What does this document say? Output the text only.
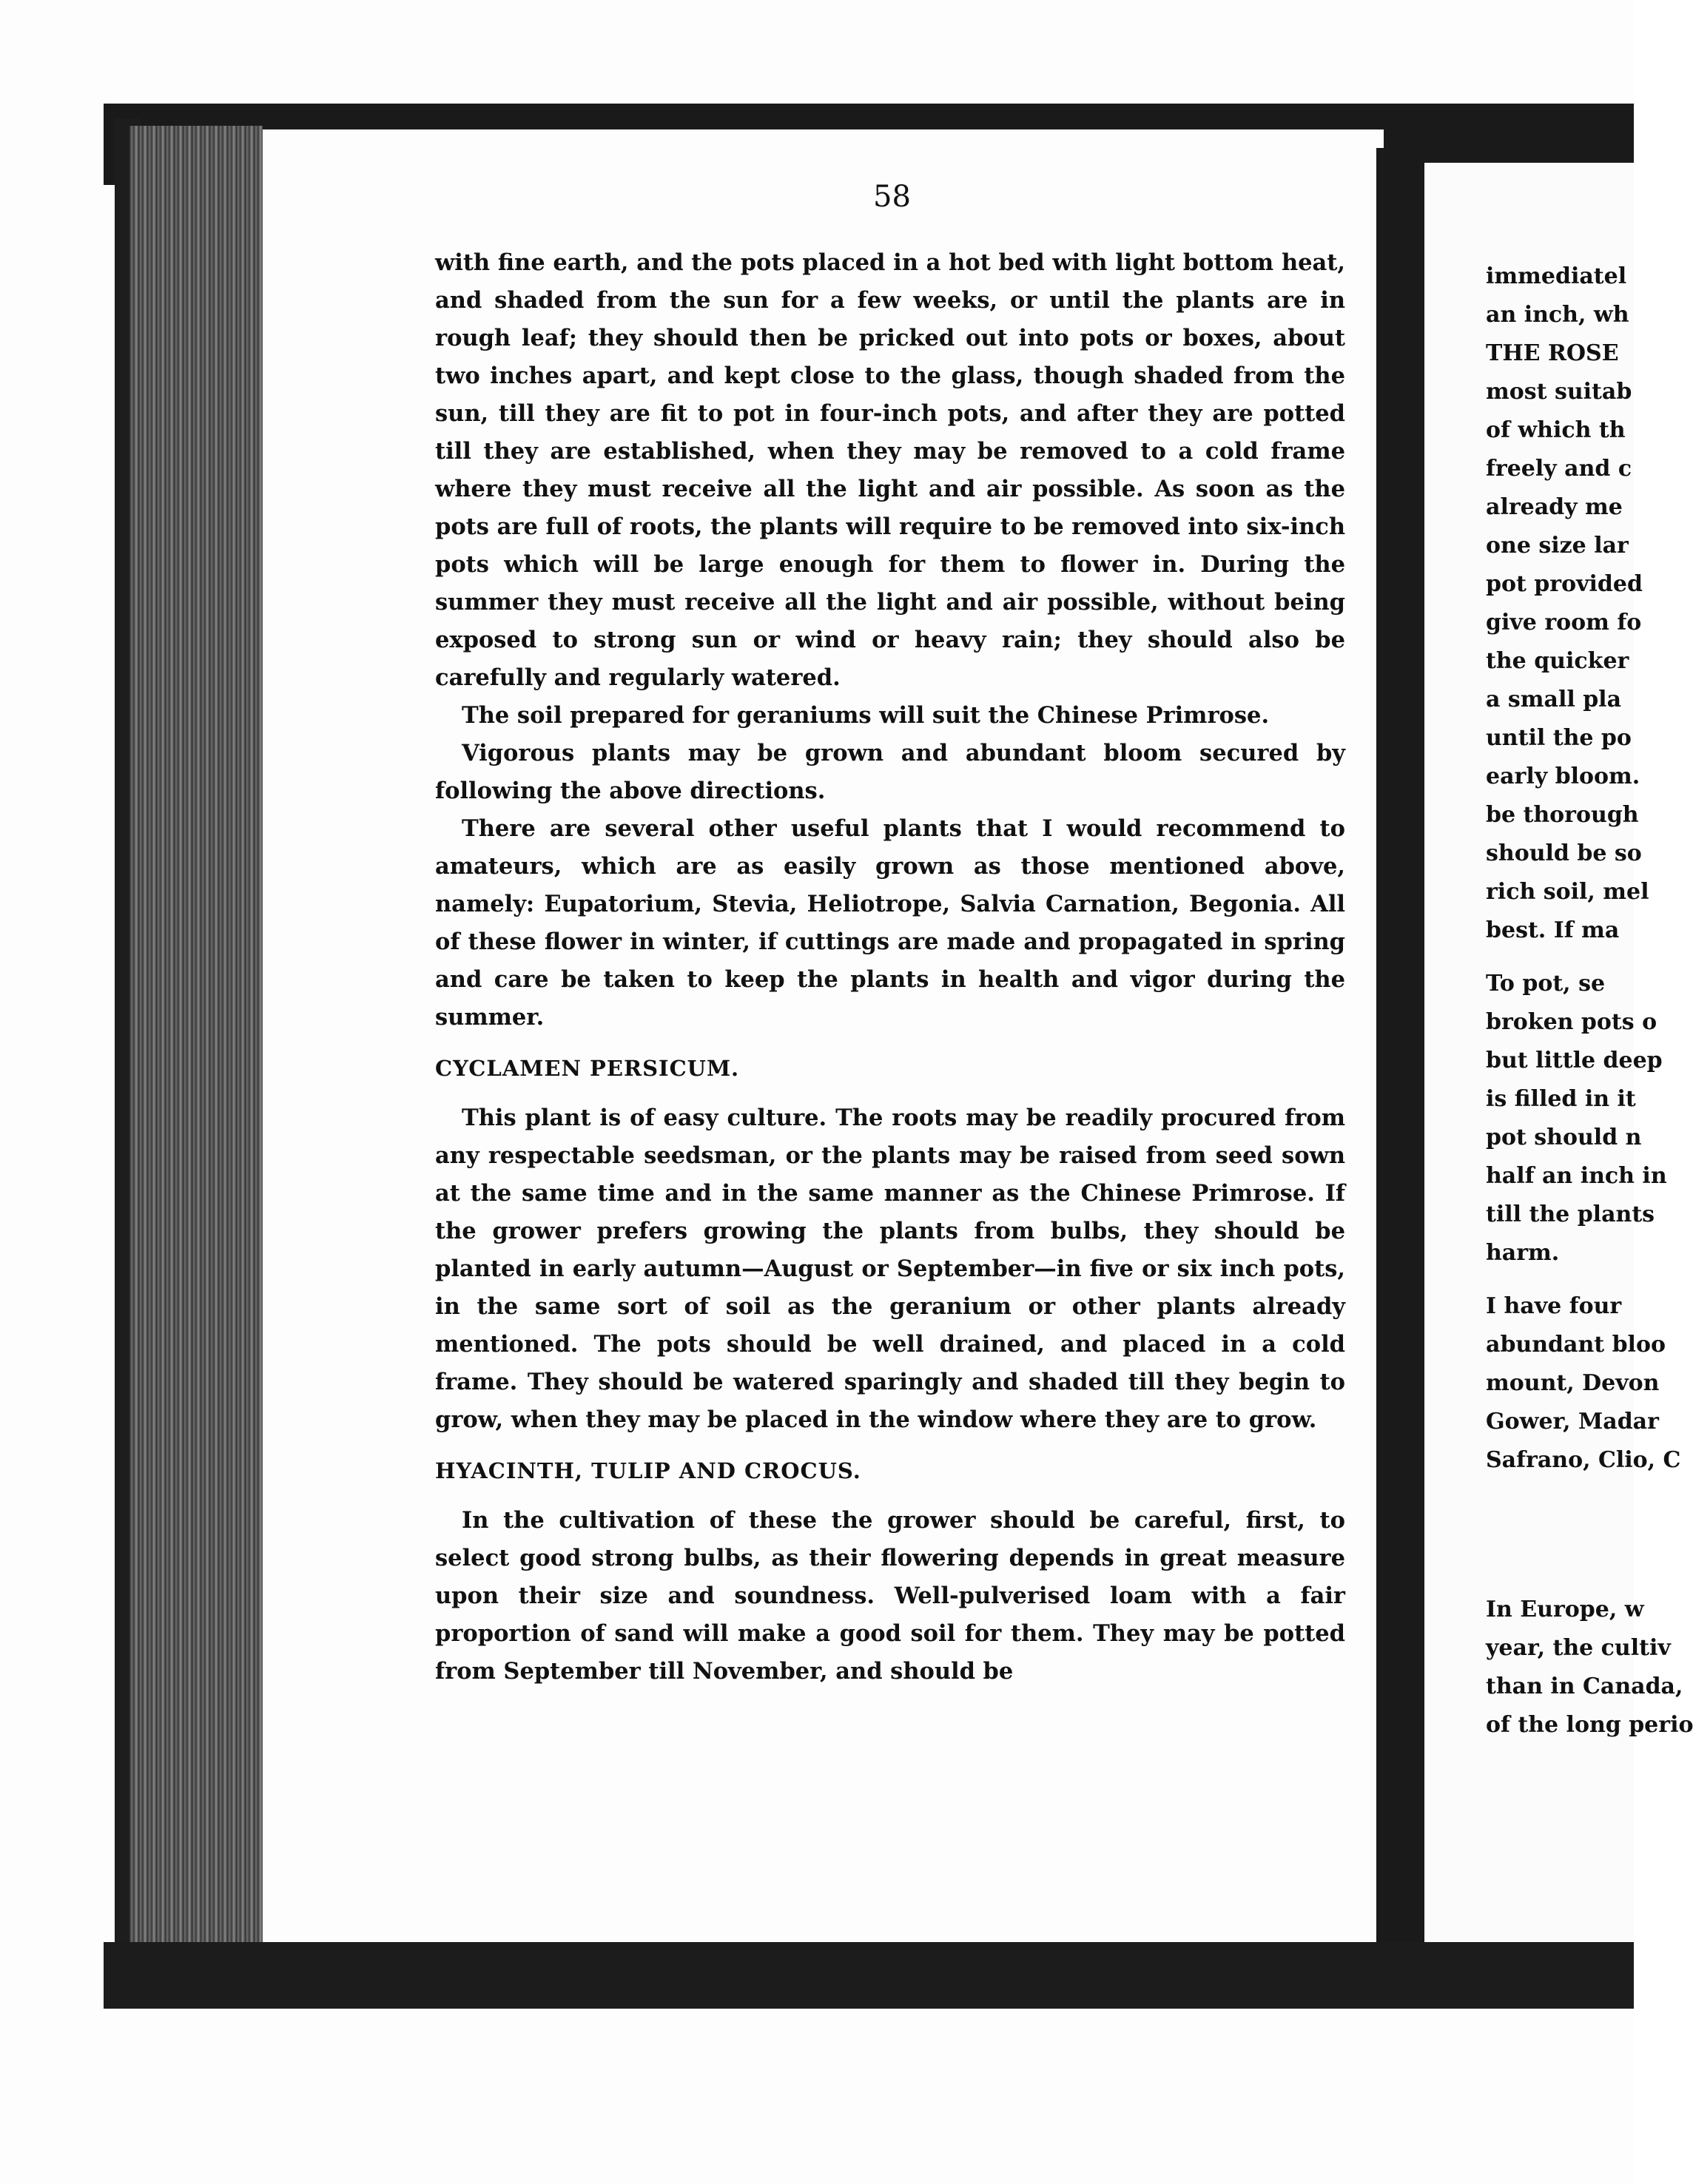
58

with fine earth, and the pots placed in a hot bed with light bottom heat, and shaded from the sun for a few weeks, or until the plants are in rough leaf; they should then be pricked out into pots or boxes, about two inches apart, and kept close to the glass, though shaded from the sun, till they are fit to pot in four-inch pots, and after they are potted till they are established, when they may be removed to a cold frame where they must receive all the light and air possible. As soon as the pots are full of roots, the plants will require to be removed into six-inch pots which will be large enough for them to flower in. During the summer they must receive all the light and air possible, without being exposed to strong sun or wind or heavy rain; they should also be carefully and regularly watered.

The soil prepared for geraniums will suit the Chinese Primrose.

Vigorous plants may be grown and abundant bloom secured by following the above directions.

There are several other useful plants that I would recommend to amateurs, which are as easily grown as those mentioned above, namely: Eupatorium, Stevia, Heliotrope, Salvia Carnation, Begonia. All of these flower in winter, if cuttings are made and propagated in spring and care be taken to keep the plants in health and vigor during the summer.

CYCLAMEN PERSICUM.

This plant is of easy culture. The roots may be readily procured from any respectable seedsman, or the plants may be raised from seed sown at the same time and in the same manner as the Chinese Primrose. If the grower prefers growing the plants from bulbs, they should be planted in early autumn—August or September—in five or six inch pots, in the same sort of soil as the geranium or other plants already mentioned. The pots should be well drained, and placed in a cold frame. They should be watered sparingly and shaded till they begin to grow, when they may be placed in the window where they are to grow.

HYACINTH, TULIP AND CROCUS.

In the cultivation of these the grower should be careful, first, to select good strong bulbs, as their flowering depends in great measure upon their size and soundness. Well-pulverised loam with a fair proportion of sand will make a good soil for them. They may be potted from September till November, and should be

immediatel
an inch, wh
THE ROSE
most suitab
of which th
freely and c
already me
one size lar
pot provided
give room fo
the quicker
a small pla
until the po
early bloom.
be thorough
should be so
rich soil, mel
best. If ma
To pot, se
broken pots o
but little deep
is filled in it
pot should n
half an inch in
till the plants
harm.
I have four
abundant bloo
mount, Devon
Gower, Madar
Safrano, Clio, C
In Europe, w
year, the cultiv
than in Canada,
of the long perio
